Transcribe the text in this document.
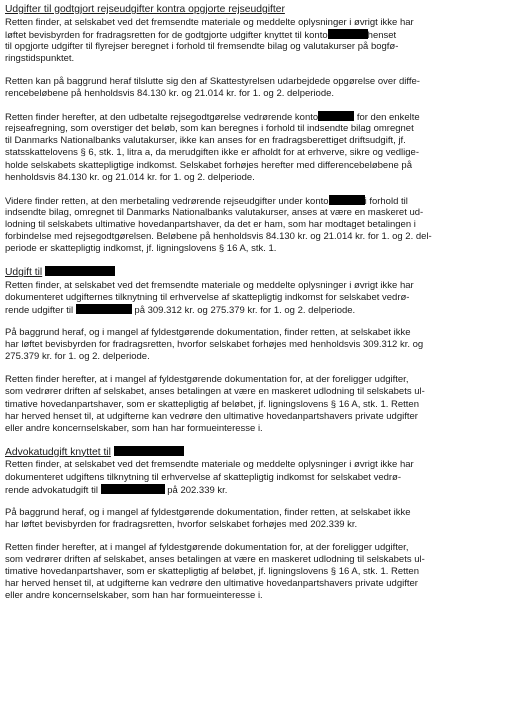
Udgifter til godtgjort rejseudgifter kontra opgjorte rejseudgifter

Retten finder, at selskabet ved det fremsendte materiale og meddelte oplysninger i øvrigt ikke har
løftet bevisbyrden for fradragsretten for de godtgjorte udgifter knyttet til konto	henset
til opgjorte udgifter til flyrejser beregnet i forhold til fremsendte bilag og valutakurser på bogfø-
ringstidspunktet.
Retten kan på baggrund heraf tilslutte sig den af Skattestyrelsen udarbejdede opgørelse over diffe-
rencebeløbene på henholdsvis 84.130 kr. og 21.014 kr. for 1. og 2. delperiode.
Retten finder herefter, at den udbetalte rejsegodtgørelse vedrørende konto	for den enkelte
rejseafregning, som overstiger det beløb, som kan beregnes i forhold til indsendte bilag omregnet
til Danmarks Nationalbanks valutakurser, ikke kan anses for en fradragsberettiget driftsudgift, jf.
statsskattelovens § 6, stk. 1, litra a, da merudgiften ikke er afholdt for at erhverve, sikre og vedlige-
holde selskabets skattepligtige indkomst. Selskabet forhøjes herefter med differencebeløbene på
henholdsvis 84.130 kr. og 21.014 kr. for 1. og 2. delperiode.
Videre finder retten, at den merbetaling vedrørende rejseudgifter under konto	i forhold til
indsendte bilag, omregnet til Danmarks Nationalbanks valutakurser, anses at være en maskeret ud-
lodning til selskabets ultimative hovedanpartshaver, da det er ham, som har modtaget betalingen i
forbindelse med rejsegodtgørelsen. Beløbene på henholdsvis 84.130 kr. og 21.014 kr. for 1. og 2. del-
periode er skattepligtig indkomst, jf. ligningslovens § 16 A, stk. 1.

Udgift til

Retten finder, at selskabet ved det fremsendte materiale og meddelte oplysninger i øvrigt ikke har
dokumenteret udgifternes tilknytning til erhvervelse af skattepligtig indkomst for selskabet vedrø-
rende udgifter til	på 309.312 kr. og 275.379 kr. for 1. og 2. delperiode.
På baggrund heraf, og i mangel af fyldestgørende dokumentation, finder retten, at selskabet ikke
har løftet bevisbyrden for fradragsretten, hvorfor selskabet forhøjes med henholdsvis 309.312 kr. og
275.379 kr. for 1. og 2. delperiode.
Retten finder herefter, at i mangel af fyldestgørende dokumentation for, at der foreligger udgifter,
som vedrører driften af selskabet, anses betalingen at være en maskeret udlodning til selskabets ul-
timative hovedanpartshaver, som er skattepligtig af beløbet, jf. ligningslovens § 16 A, stk. 1. Retten
har herved henset til, at udgifterne kan vedrøre den ultimative hovedanpartshavers private udgifter
eller andre koncernselskaber, som han har formueinteresse i.

Advokatudgift knyttet til

Retten finder, at selskabet ved det fremsendte materiale og meddelte oplysninger i øvrigt ikke har
dokumenteret udgiftens tilknytning til erhvervelse af skattepligtig indkomst for selskabet vedrø-
rende advokatudgift til	på 202.339 kr.
På baggrund heraf, og i mangel af fyldestgørende dokumentation, finder retten, at selskabet ikke
har løftet bevisbyrden for fradragsretten, hvorfor selskabet forhøjes med 202.339 kr.
Retten finder herefter, at i mangel af fyldestgørende dokumentation for, at der foreligger udgifter,
som vedrører driften af selskabet, anses betalingen at være en maskeret udlodning til selskabets ul-
timative hovedanpartshaver, som er skattepligtig af beløbet, jf. ligningslovens § 16 A, stk. 1. Retten
har herved henset til, at udgifterne kan vedrøre den ultimative hovedanpartshavers private udgifter
eller andre koncernselskaber, som han har formueinteresse i.
